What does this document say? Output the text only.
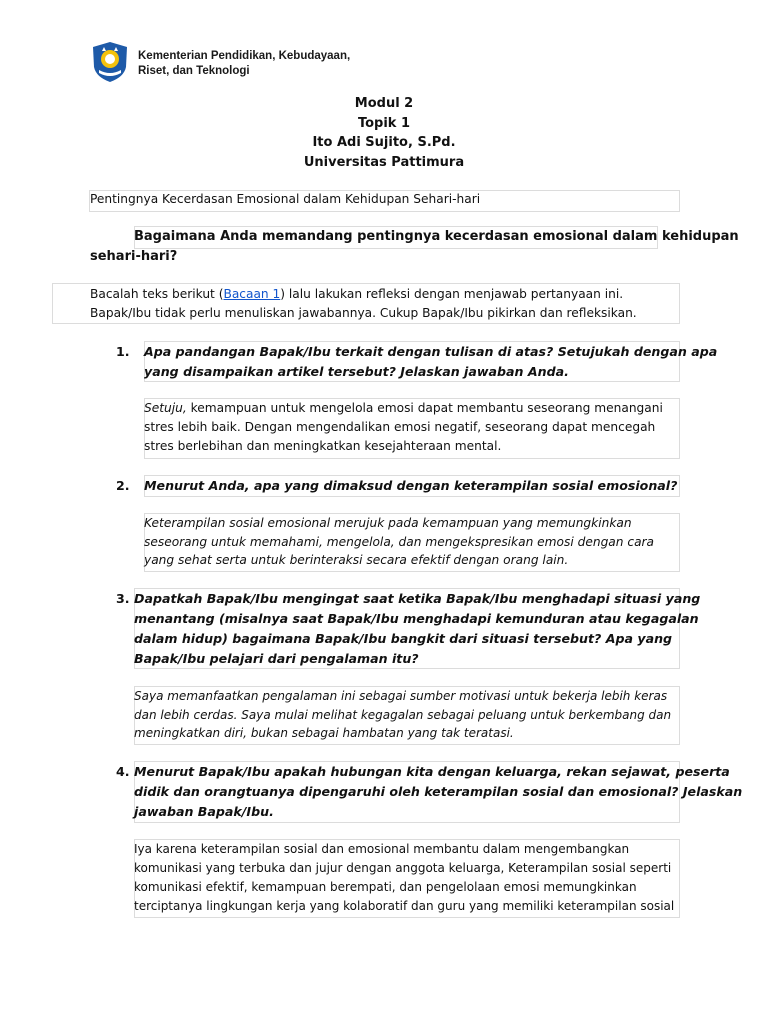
Kementerian Pendidikan, Kebudayaan,
Riset, dan Teknologi
Modul 2
Topik 1
Ito Adi Sujito, S.Pd.
Universitas Pattimura
Pentingnya Kecerdasan Emosional dalam Kehidupan Sehari-hari
Bagaimana Anda memandang pentingnya kecerdasan emosional dalam kehidupan
sehari-hari?
Bacalah teks berikut (Bacaan 1) lalu lakukan refleksi dengan menjawab pertanyaan ini.
Bapak/Ibu tidak perlu menuliskan jawabannya. Cukup Bapak/Ibu pikirkan dan refleksikan.
1. Apa pandangan Bapak/Ibu terkait dengan tulisan di atas? Setujukah dengan apa
yang disampaikan artikel tersebut? Jelaskan jawaban Anda.
Setuju, kemampuan untuk mengelola emosi dapat membantu seseorang menangani
stres lebih baik. Dengan mengendalikan emosi negatif, seseorang dapat mencegah
stres berlebihan dan meningkatkan kesejahteraan mental.
2. Menurut Anda, apa yang dimaksud dengan keterampilan sosial emosional?
Keterampilan sosial emosional merujuk pada kemampuan yang memungkinkan
seseorang untuk memahami, mengelola, dan mengekspresikan emosi dengan cara
yang sehat serta untuk berinteraksi secara efektif dengan orang lain.
3. Dapatkah Bapak/Ibu mengingat saat ketika Bapak/Ibu menghadapi situasi yang
menantang (misalnya saat Bapak/Ibu menghadapi kemunduran atau kegagalan
dalam hidup) bagaimana Bapak/Ibu bangkit dari situasi tersebut? Apa yang
Bapak/Ibu pelajari dari pengalaman itu?
Saya memanfaatkan pengalaman ini sebagai sumber motivasi untuk bekerja lebih keras
dan lebih cerdas. Saya mulai melihat kegagalan sebagai peluang untuk berkembang dan
meningkatkan diri, bukan sebagai hambatan yang tak teratasi.
4. Menurut Bapak/Ibu apakah hubungan kita dengan keluarga, rekan sejawat, peserta
didik dan orangtuanya dipengaruhi oleh keterampilan sosial dan emosional? Jelaskan
jawaban Bapak/Ibu.
Iya karena keterampilan sosial dan emosional membantu dalam mengembangkan
komunikasi yang terbuka dan jujur dengan anggota keluarga, Keterampilan sosial seperti
komunikasi efektif, kemampuan berempati, dan pengelolaan emosi memungkinkan
terciptanya lingkungan kerja yang kolaboratif dan guru yang memiliki keterampilan sosial
